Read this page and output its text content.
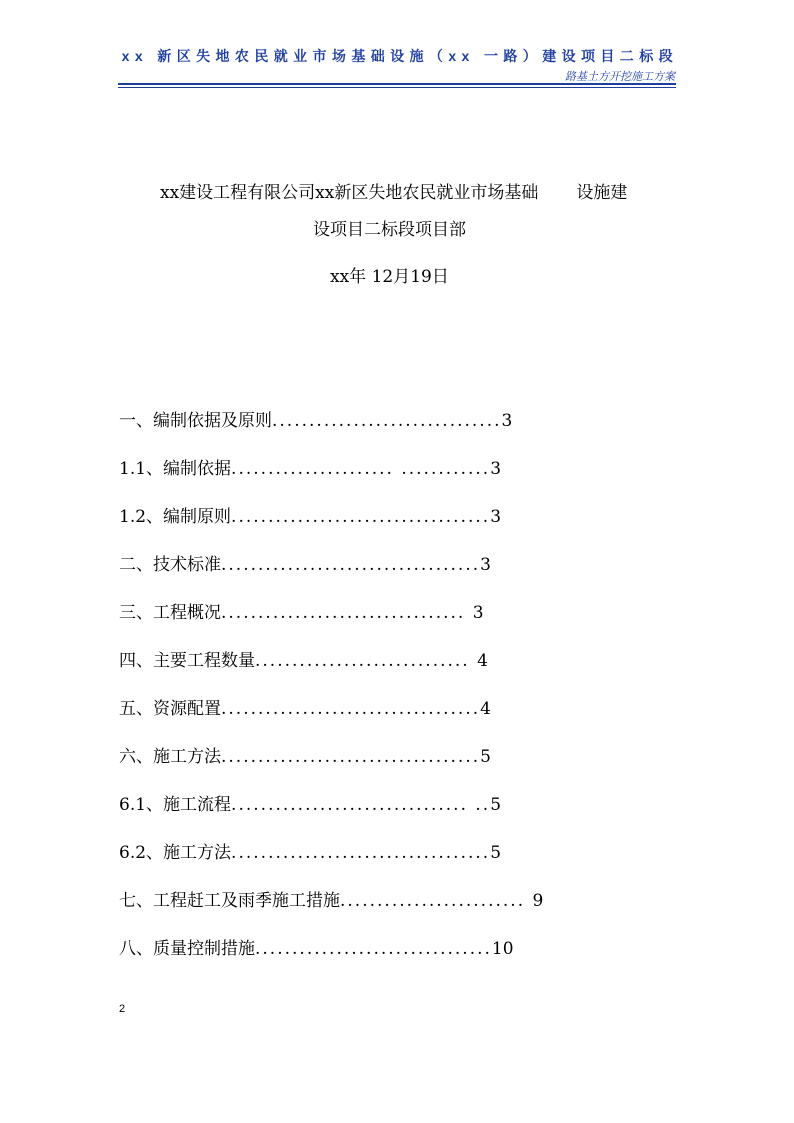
xx 新区失地农民就业市场基础设施（xx 一路）建设项目二标段
路基土方开挖施工方案
xx建设工程有限公司xx新区失地农民就业市场基础 设施建
设项目二标段项目部
xx年 12月19日
一、编制依据及原则...............................3
1.1、编制依据...................... ............3
1.2、编制原则...................................3
二、技术标准...................................3
三、工程概况................................. 3
四、主要工程数量............................. 4
五、资源配置...................................4
六、施工方法...................................5
6.1、施工流程................................ ..5
6.2、施工方法...................................5
七、工程赶工及雨季施工措施......................... 9
八、质量控制措施................................10
2
